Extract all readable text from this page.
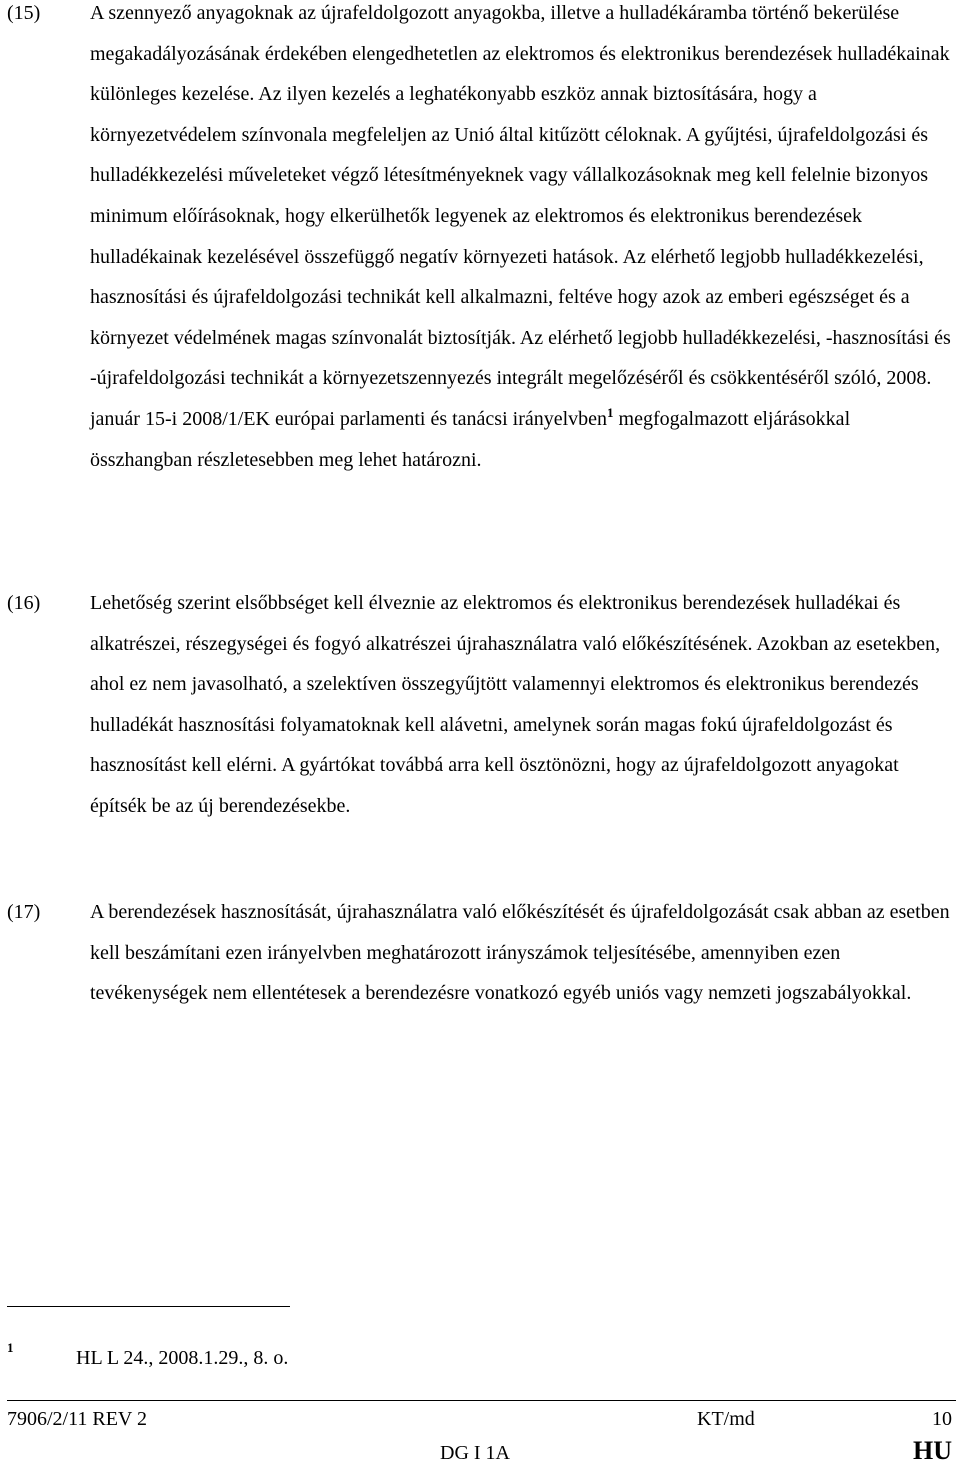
(15) A szennyező anyagoknak az újrafeldolgozott anyagokba, illetve a hulladékáramba történő bekerülése megakadályozásának érdekében elengedhetetlen az elektromos és elektronikus berendezések hulladékainak különleges kezelése. Az ilyen kezelés a leghatékonyabb eszköz annak biztosítására, hogy a környezetvédelem színvonala megfeleljen az Unió által kitűzött céloknak. A gyűjtési, újrafeldolgozási és hulladékkezelési műveleteket végző létesítményeknek vagy vállalkozásoknak meg kell felelnie bizonyos minimum előírásoknak, hogy elkerülhetők legyenek az elektromos és elektronikus berendezések hulladékainak kezelésével összefüggő negatív környezeti hatások. Az elérhető legjobb hulladékkezelési, hasznosítási és újrafeldolgozási technikát kell alkalmazni, feltéve hogy azok az emberi egészséget és a környezet védelmének magas színvonalát biztosítják. Az elérhető legjobb hulladékkezelési, -hasznosítási és -újrafeldolgozási technikát a környezetszennyezés integrált megelőzéséről és csökkentéséről szóló, 2008. január 15-i 2008/1/EK európai parlamenti és tanácsi irányelvben$^1$ megfogalmazott eljárásokkal összhangban részletesebben meg lehet határozni.
(16) Lehetőség szerint elsőbbséget kell élveznie az elektromos és elektronikus berendezések hulladékai és alkatrészei, részegységei és fogyó alkatrészei újrahasználatra való előkészítésének. Azokban az esetekben, ahol ez nem javasolható, a szelektíven összegyűjtött valamennyi elektromos és elektronikus berendezés hulladékát hasznosítási folyamatoknak kell alávetni, amelynek során magas fokú újrafeldolgozást és hasznosítást kell elérni. A gyártókat továbbá arra kell ösztönözni, hogy az újrafeldolgozott anyagokat építsék be az új berendezésekbe.
(17) A berendezések hasznosítását, újrahasználatra való előkészítését és újrafeldolgozását csak abban az esetben kell beszámítani ezen irányelvben meghatározott irányszámok teljesítésébe, amennyiben ezen tevékenységek nem ellentétesek a berendezésre vonatkozó egyéb uniós vagy nemzeti jogszabályokkal.
1	HL L 24., 2008.1.29., 8. o.
7906/2/11 REV 2	KT/md	10
DG I 1A	HU
